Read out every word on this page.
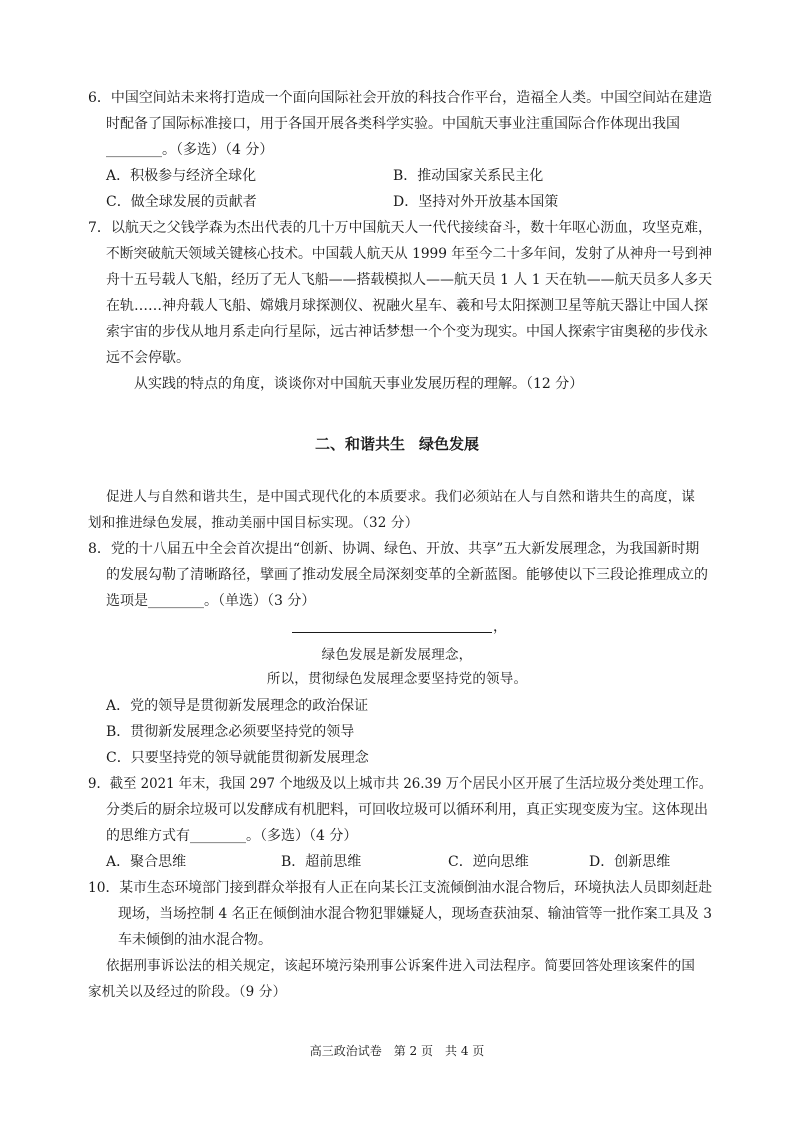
6．中国空间站未来将打造成一个面向国际社会开放的科技合作平台，造福全人类。中国空间站在建造
时配备了国际标准接口，用于各国开展各类科学实验。中国航天事业注重国际合作体现出我国
________。（多选）（4 分）
A．积极参与经济全球化	B．推动国家关系民主化
C．做全球发展的贡献者	D．坚持对外开放基本国策
7．以航天之父钱学森为杰出代表的几十万中国航天人一代代接续奋斗，数十年呕心沥血，攻坚克难，
不断突破航天领域关键核心技术。中国载人航天从 1999 年至今二十多年间，发射了从神舟一号到神
舟十五号载人飞船，经历了无人飞船——搭载模拟人——航天员 1 人 1 天在轨——航天员多人多天
在轨……神舟载人飞船、嫦娥月球探测仪、祝融火星车、羲和号太阳探测卫星等航天器让中国人探
索宇宙的步伐从地月系走向行星际，远古神话梦想一个个变为现实。中国人探索宇宙奥秘的步伐永
远不会停歇。
从实践的特点的角度，谈谈你对中国航天事业发展历程的理解。（12 分）
二、和谐共生 绿色发展
促进人与自然和谐共生，是中国式现代化的本质要求。我们必须站在人与自然和谐共生的高度，谋
划和推进绿色发展，推动美丽中国目标实现。（32 分）
8．党的十八届五中全会首次提出“创新、协调、绿色、开放、共享”五大新发展理念，为我国新时期
的发展勾勒了清晰路径，擘画了推动发展全局深刻变革的全新蓝图。能够使以下三段论推理成立的
选项是________。（单选）（3 分）
，
绿色发展是新发展理念，
所以，贯彻绿色发展理念要坚持党的领导。
A．党的领导是贯彻新发展理念的政治保证
B．贯彻新发展理念必须要坚持党的领导
C．只要坚持党的领导就能贯彻新发展理念
9．截至 2021 年末，我国 297 个地级及以上城市共 26.39 万个居民小区开展了生活垃圾分类处理工作。
分类后的厨余垃圾可以发酵成有机肥料，可回收垃圾可以循环利用，真正实现变废为宝。这体现出
的思维方式有________。（多选）（4 分）
A．聚合思维	B．超前思维	C．逆向思维	D．创新思维
10．某市生态环境部门接到群众举报有人正在向某长江支流倾倒油水混合物后，环境执法人员即刻赶赴
现场，当场控制 4 名正在倾倒油水混合物犯罪嫌疑人，现场查获油泵、输油管等一批作案工具及 3
车未倾倒的油水混合物。
依据刑事诉讼法的相关规定，该起环境污染刑事公诉案件进入司法程序。简要回答处理该案件的国
家机关以及经过的阶段。（9 分）
高三政治试卷　第 2 页　共 4 页
